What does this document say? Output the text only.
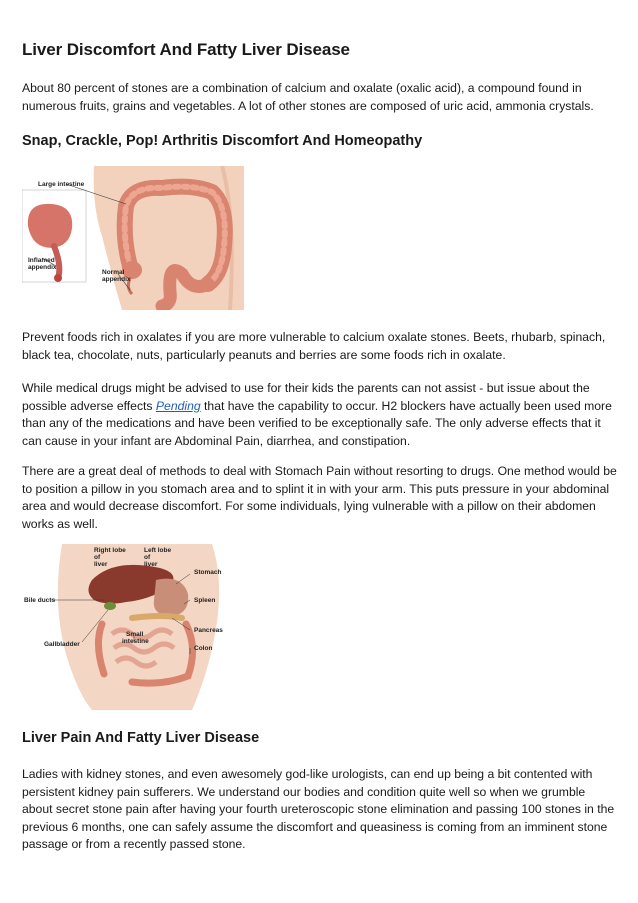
Liver Discomfort And Fatty Liver Disease

About 80 percent of stones are a combination of calcium and oxalate (oxalic acid), a compound found in numerous fruits, grains and vegetables. A lot of other stones are composed of uric acid, ammonia crystals.

Snap, Crackle, Pop! Arthritis Discomfort And Homeopathy
Large intestine
Inflamed
appendix
Normal
appendix

Prevent foods rich in oxalates if you are more vulnerable to calcium oxalate stones. Beets, rhubarb, spinach, black tea, chocolate, nuts, particularly peanuts and berries are some foods rich in oxalate.

While medical drugs might be advised to use for their kids the parents can not assist - but issue about the possible adverse effects Pending that have the capability to occur. H2 blockers have actually been used more than any of the medications and have been verified to be exceptionally safe. The only adverse effects that it can cause in your infant are Abdominal Pain, diarrhea, and constipation.

There are a great deal of methods to deal with Stomach Pain without resorting to drugs. One method would be to position a pillow in you stomach area and to splint it in with your arm. This puts pressure in your abdominal area and would decrease discomfort. For some individuals, lying vulnerable with a pillow on their abdomen works as well.

Right lobe
of
liver
Left lobe
of
liver
Stomach
Bile ducts	Spleen
Pancreas
Small
intestine
Gallbladder
Colon
Liver Pain And Fatty Liver Disease

Ladies with kidney stones, and even awesomely god-like urologists, can end up being a bit contented with persistent kidney pain sufferers. We understand our bodies and condition quite well so when we grumble about secret stone pain after having your fourth ureteroscopic stone elimination and passing 100 stones in the previous 6 months, one can safely assume the discomfort and queasiness is coming from an imminent stone passage or from a recently passed stone.
